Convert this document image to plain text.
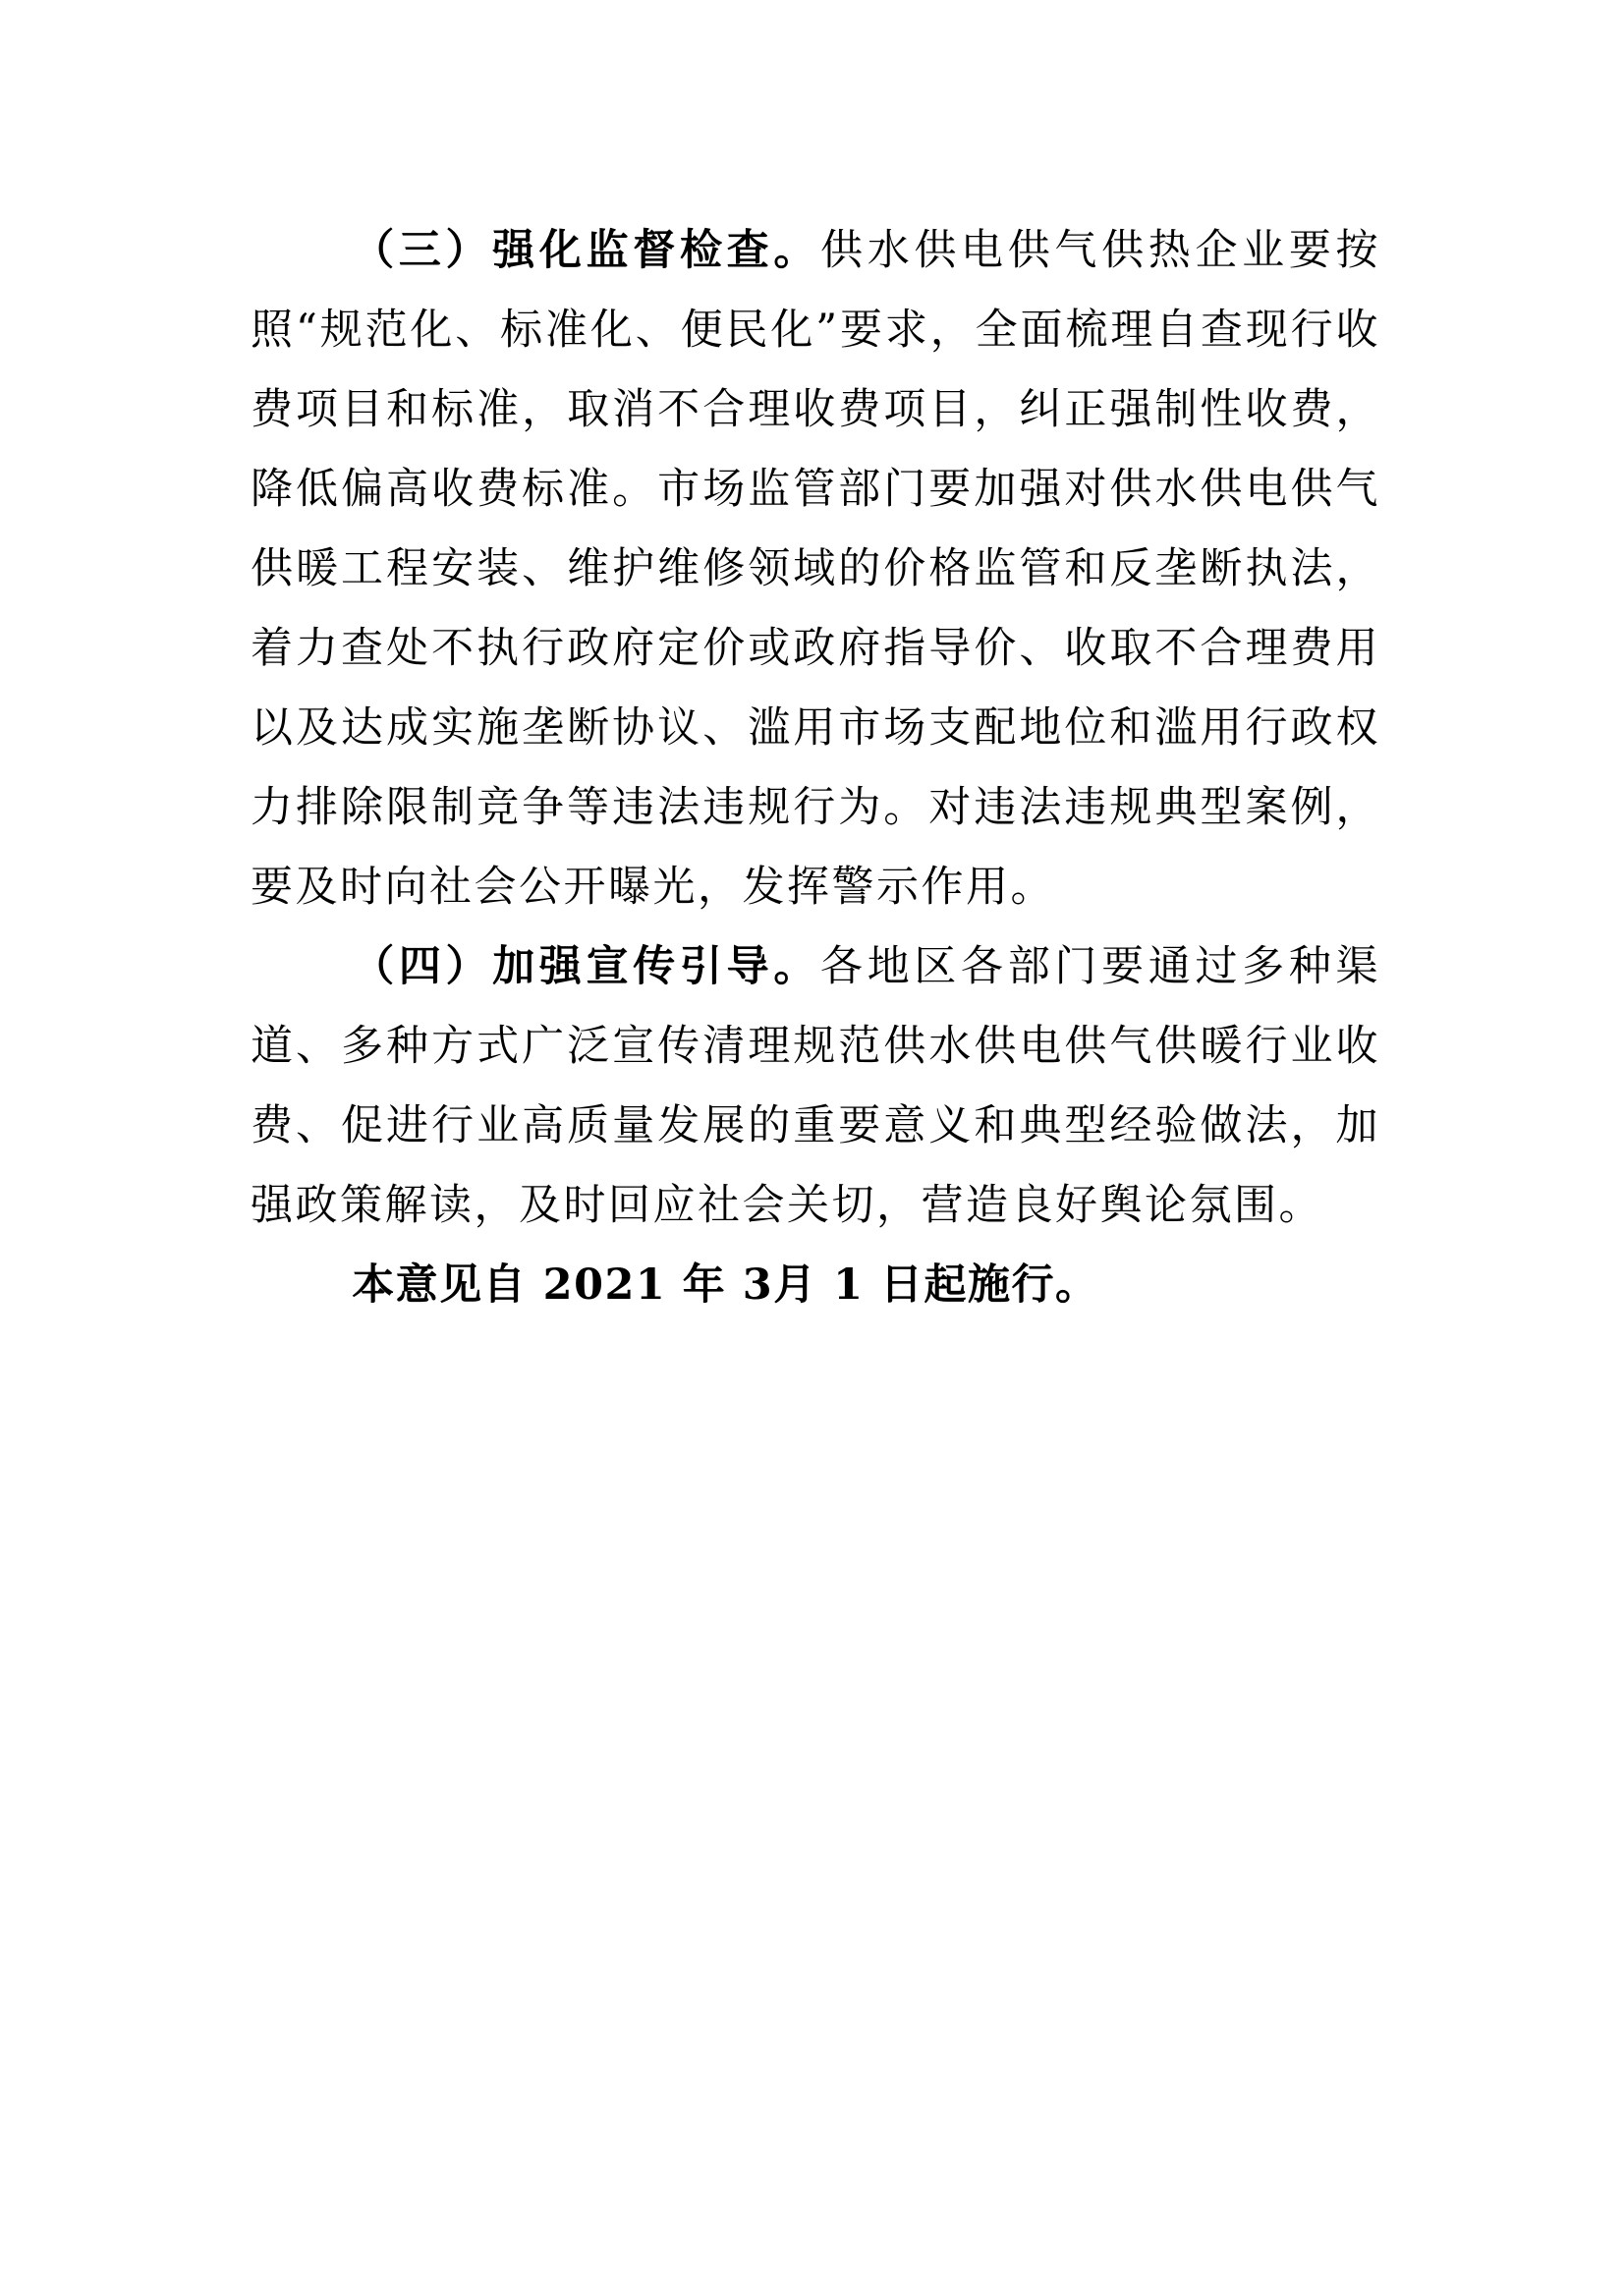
（三）强化监督检查。供水供电供气供热企业要按照“规范化、标准化、便民化”要求，全面梳理自查现行收费项目和标准，取消不合理收费项目，纠正强制性收费，降低偏高收费标准。市场监管部门要加强对供水供电供气供暖工程安装、维护维修领域的价格监管和反垄断执法，着力查处不执行政府定价或政府指导价、收取不合理费用以及达成实施垄断协议、滥用市场支配地位和滥用行政权力排除限制竞争等违法违规行为。对违法违规典型案例，要及时向社会公开曝光，发挥警示作用。

（四）加强宣传引导。各地区各部门要通过多种渠道、多种方式广泛宣传清理规范供水供电供气供暖行业收费、促进行业高质量发展的重要意义和典型经验做法，加强政策解读，及时回应社会关切，营造良好舆论氛围。

本意见自 2021 年 3月 1 日起施行。
